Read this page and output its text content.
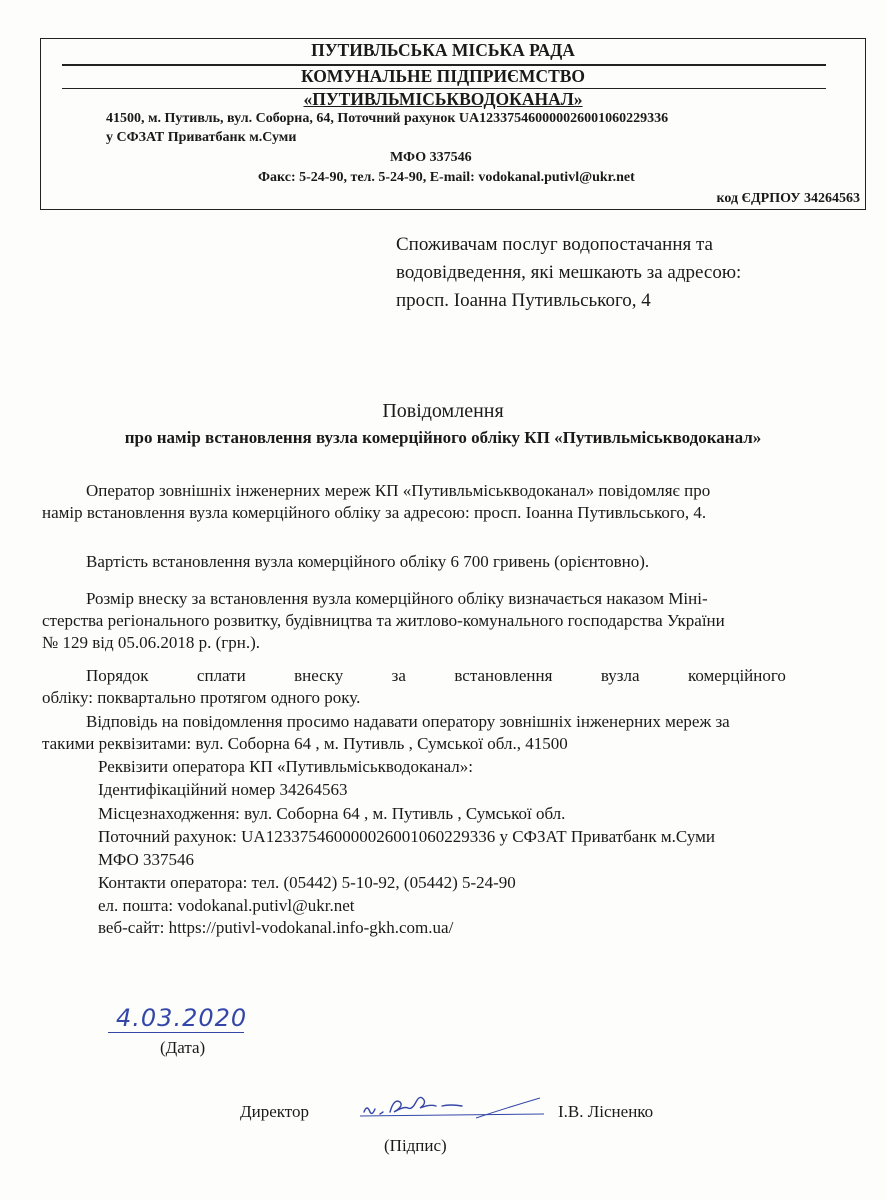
ПУТИВЛЬСЬКА МІСЬКА РАДА
КОМУНАЛЬНЕ ПІДПРИЄМСТВО
«ПУТИВЛЬМІСЬКВОДОКАНАЛ»
41500, м. Путивль, вул. Соборна, 64, Поточний рахунок UA123375460000026001060229336
у СФЗАТ Приватбанк м.Суми
МФО 337546
Факс: 5-24-90, тел. 5-24-90, E-mail: vodokanal.putivl@ukr.net
код ЄДРПОУ 34264563
Споживачам послуг водопостачання та
водовідведення, які мешкають за адресою:
просп. Іоанна Путивльського, 4
Повідомлення
про намір встановлення вузла комерційного обліку КП «Путивльміськводоканал»
Оператор зовнішніх інженерних мереж КП «Путивльміськводоканал» повідомляє про
намір встановлення вузла комерційного обліку за адресою: просп. Іоанна Путивльського, 4.
Вартість встановлення вузла комерційного обліку 6 700 гривень (орієнтовно).
Розмір внеску за встановлення вузла комерційного обліку визначається наказом Міні-
стерства регіонального розвитку, будівництва та житлово-комунального господарства України
№ 129 від 05.06.2018 р. (грн.).
Порядок	сплати	внеску	за	встановлення	вузла	комерційного
обліку: поквартально протягом одного року.
Відповідь на повідомлення просимо надавати оператору зовнішніх інженерних мереж за
такими реквізитами: вул. Соборна 64 , м. Путивль , Сумської обл., 41500
Реквізити оператора КП «Путивльміськводоканал»:
Ідентифікаційний номер 34264563
Місцезнаходження: вул. Соборна 64 , м. Путивль , Сумської обл.
Поточний рахунок: UA123375460000026001060229336 у СФЗАТ Приватбанк м.Суми
МФО 337546
Контакти оператора: тел. (05442) 5-10-92, (05442) 5-24-90
ел. пошта: vodokanal.putivl@ukr.net
веб-сайт: https://putivl-vodokanal.info-gkh.com.ua/
4.03.2020
(Дата)
Директор	І.В. Лісненко
(Підпис)
